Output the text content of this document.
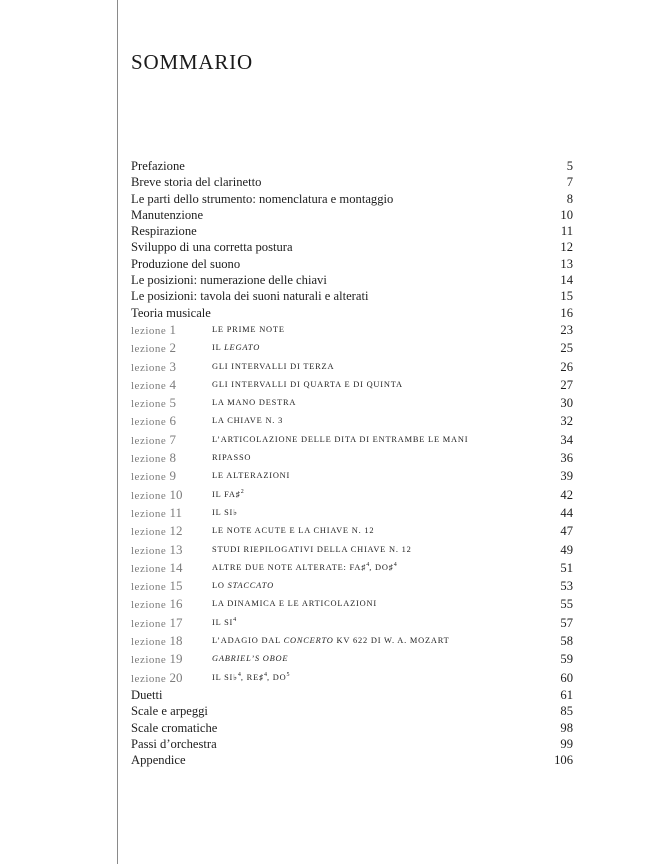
SOMMARIO
Prefazione	5
Breve storia del clarinetto	7
Le parti dello strumento: nomenclatura e montaggio	8
Manutenzione	10
Respirazione	11
Sviluppo di una corretta postura	12
Produzione del suono	13
Le posizioni: numerazione delle chiavi	14
Le posizioni: tavola dei suoni naturali e alterati	15
Teoria musicale	16
lezione 1	LE PRIME NOTE	23
lezione 2	IL LEGATO	25
lezione 3	GLI INTERVALLI DI TERZA	26
lezione 4	GLI INTERVALLI DI QUARTA E DI QUINTA	27
lezione 5	LA MANO DESTRA	30
lezione 6	LA CHIAVE N. 3	32
lezione 7	L’ARTICOLAZIONE DELLE DITA DI ENTRAMBE LE MANI	34
lezione 8	RIPASSO	36
lezione 9	LE ALTERAZIONI	39
lezione 10	IL FA♯$^2$	42
lezione 11	IL SI♭	44
lezione 12	LE NOTE ACUTE E LA CHIAVE N. 12	47
lezione 13	STUDI RIEPILOGATIVI DELLA CHIAVE N. 12	49
lezione 14	ALTRE DUE NOTE ALTERATE: FA♯$^4$, DO♯$^4$	51
lezione 15	LO STACCATO	53
lezione 16	LA DINAMICA E LE ARTICOLAZIONI	55
lezione 17	IL $SI^4$	57
lezione 18	L’ADAGIO DAL CONCERTO KV 622 DI W. A. MOZART	58
lezione 19	GABRIEL’S OBOE	59
lezione 20	IL SI♭$^4$, RE♯$^4$, $DO^5$	60
Duetti	61
Scale e arpeggi	85
Scale cromatiche	98
Passi d’orchestra	99
Appendice	106
